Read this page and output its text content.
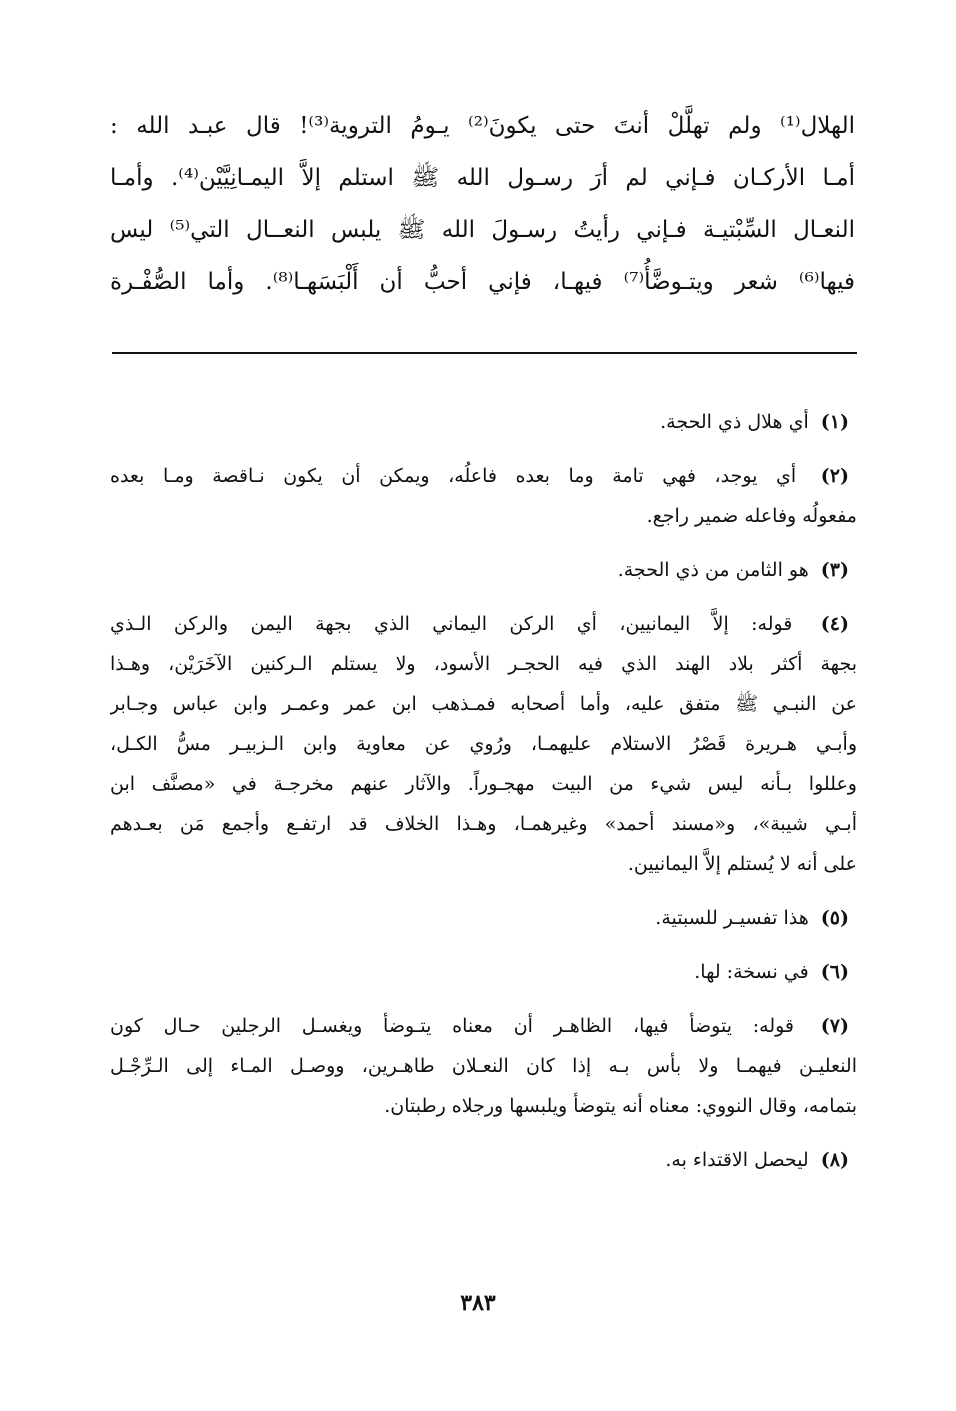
الهلال⁽¹⁾ ولم تهلَّلْ أنتَ حتى يكونَ⁽²⁾ يـومُ التروية⁽³⁾! قال عبـد الله :
أمـا الأركـان فـإني لم أرَ رسـول الله ﷺ استلم إلاَّ اليمـانِيَّيْن⁽⁴⁾. وأمـا
النعـال السِّبْتيـة فـإني رأيتُ رسـولَ الله ﷺ يلبس النعــال التي⁽⁵⁾ ليس
فيها⁽⁶⁾ شعر ويتـوضَّأُ⁽⁷⁾ فيهـا، فإني أحبُّ أن أَلْبَسَهـا⁽⁸⁾. وأما الصُّفْـرة
(١) أي هلال ذي الحجة.
(٢) أي يوجد، فهي تامة وما بعده فاعلُه، ويمكن أن يكون نـاقصة ومـا بعده
مفعولُه وفاعله ضمير راجع.
(٣) هو الثامن من ذي الحجة.
(٤) قوله: إلاَّ اليمانيين، أي الركن اليماني الذي بجهة اليمن والركن الـذي
بجهة أكثر بلاد الهند الذي فيه الحجـر الأسود، ولا يستلم الـركنين الآخَرَيْن، وهـذا
عن النبـي ﷺ متفق عليه، وأما أصحابه فمـذهب ابن عمر وعمـر وابن عباس وجـابر
وأبـي هـريرة قَصْرُ الاستلام عليهمـا، ورُوي عن معاوية وابن الـزبيـر مسُّ الكـل،
وعللوا بـأنه ليس شيء من البيت مهجـوراً. والآثار عنهم مخرجـة في «مصنَّف ابن
أبـي شيبة»، و«مسند أحمد» وغيرهمـا، وهـذا الخلاف قد ارتفـع وأجمع مَن بعـدهم
على أنه لا يُستلم إلاَّ اليمانيين.
(٥) هذا تفسيـر للسبتية.
(٦) في نسخة: لها.
(٧) قوله: يتوضأ فيها، الظاهـر أن معناه يتـوضأ ويغسـل الرجلين حـال كون
النعليـن فيهمـا ولا بأس بـه إذا كان النعـلان طاهـرين، ووصـل المـاء إلى الـرِّجْـل
بتمامه، وقال النووي: معناه أنه يتوضأ ويلبسها ورجلاه رطبتان.
(٨) ليحصل الاقتداء به.
٣٨٣
